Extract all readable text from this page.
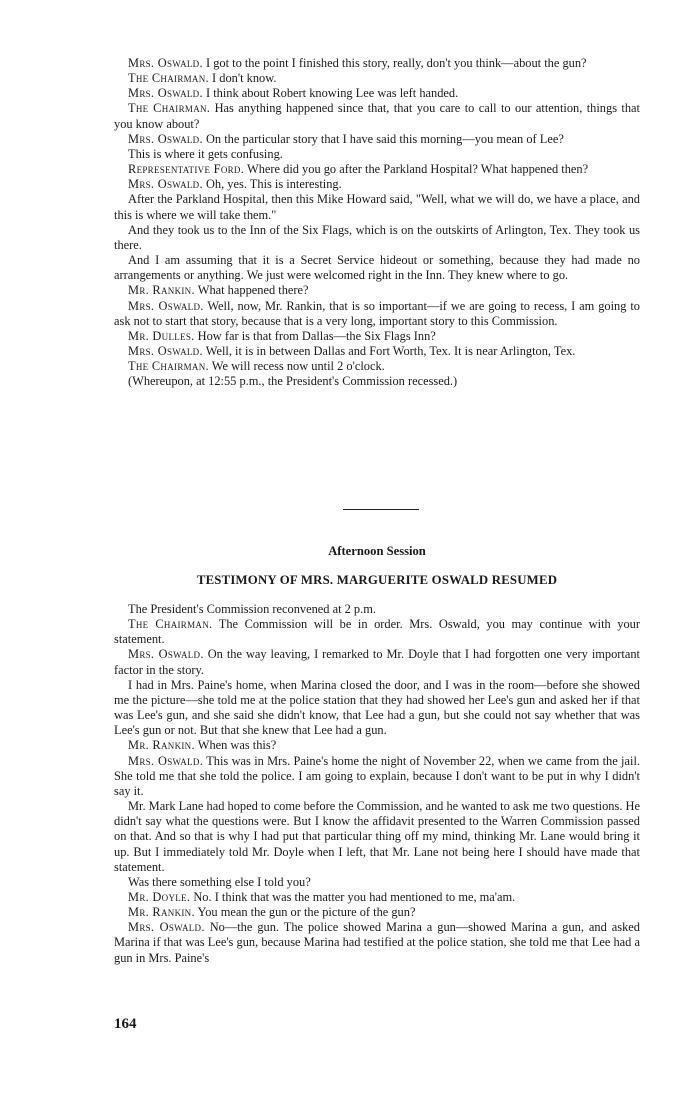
Mrs. Oswald. I got to the point I finished this story, really, don't you think—about the gun?

The Chairman. I don't know.

Mrs. Oswald. I think about Robert knowing Lee was left handed.

The Chairman. Has anything happened since that, that you care to call to our attention, things that you know about?

Mrs. Oswald. On the particular story that I have said this morning—you mean of Lee?

This is where it gets confusing.

Representative Ford. Where did you go after the Parkland Hospital? What happened then?

Mrs. Oswald. Oh, yes. This is interesting.

After the Parkland Hospital, then this Mike Howard said, "Well, what we will do, we have a place, and this is where we will take them."

And they took us to the Inn of the Six Flags, which is on the outskirts of Arlington, Tex. They took us there.

And I am assuming that it is a Secret Service hideout or something, because they had made no arrangements or anything. We just were welcomed right in the Inn. They knew where to go.

Mr. Rankin. What happened there?

Mrs. Oswald. Well, now, Mr. Rankin, that is so important—if we are going to recess, I am going to ask not to start that story, because that is a very long, important story to this Commission.

Mr. Dulles. How far is that from Dallas—the Six Flags Inn?

Mrs. Oswald. Well, it is in between Dallas and Fort Worth, Tex. It is near Arlington, Tex.

The Chairman. We will recess now until 2 o'clock.

(Whereupon, at 12:55 p.m., the President's Commission recessed.)

Afternoon Session
TESTIMONY OF MRS. MARGUERITE OSWALD RESUMED

The President's Commission reconvened at 2 p.m.

The Chairman. The Commission will be in order. Mrs. Oswald, you may continue with your statement.

Mrs. Oswald. On the way leaving, I remarked to Mr. Doyle that I had forgotten one very important factor in the story.

I had in Mrs. Paine's home, when Marina closed the door, and I was in the room—before she showed me the picture—she told me at the police station that they had showed her Lee's gun and asked her if that was Lee's gun, and she said she didn't know, that Lee had a gun, but she could not say whether that was Lee's gun or not. But that she knew that Lee had a gun.

Mr. Rankin. When was this?

Mrs. Oswald. This was in Mrs. Paine's home the night of November 22, when we came from the jail. She told me that she told the police. I am going to explain, because I don't want to be put in why I didn't say it.

Mr. Mark Lane had hoped to come before the Commission, and he wanted to ask me two questions. He didn't say what the questions were. But I know the affidavit presented to the Warren Commission passed on that. And so that is why I had put that particular thing off my mind, thinking Mr. Lane would bring it up. But I immediately told Mr. Doyle when I left, that Mr. Lane not being here I should have made that statement.

Was there something else I told you?

Mr. Doyle. No. I think that was the matter you had mentioned to me, ma'am.

Mr. Rankin. You mean the gun or the picture of the gun?

Mrs. Oswald. No—the gun. The police showed Marina a gun—showed Marina a gun, and asked Marina if that was Lee's gun, because Marina had testified at the police station, she told me that Lee had a gun in Mrs. Paine's

164
